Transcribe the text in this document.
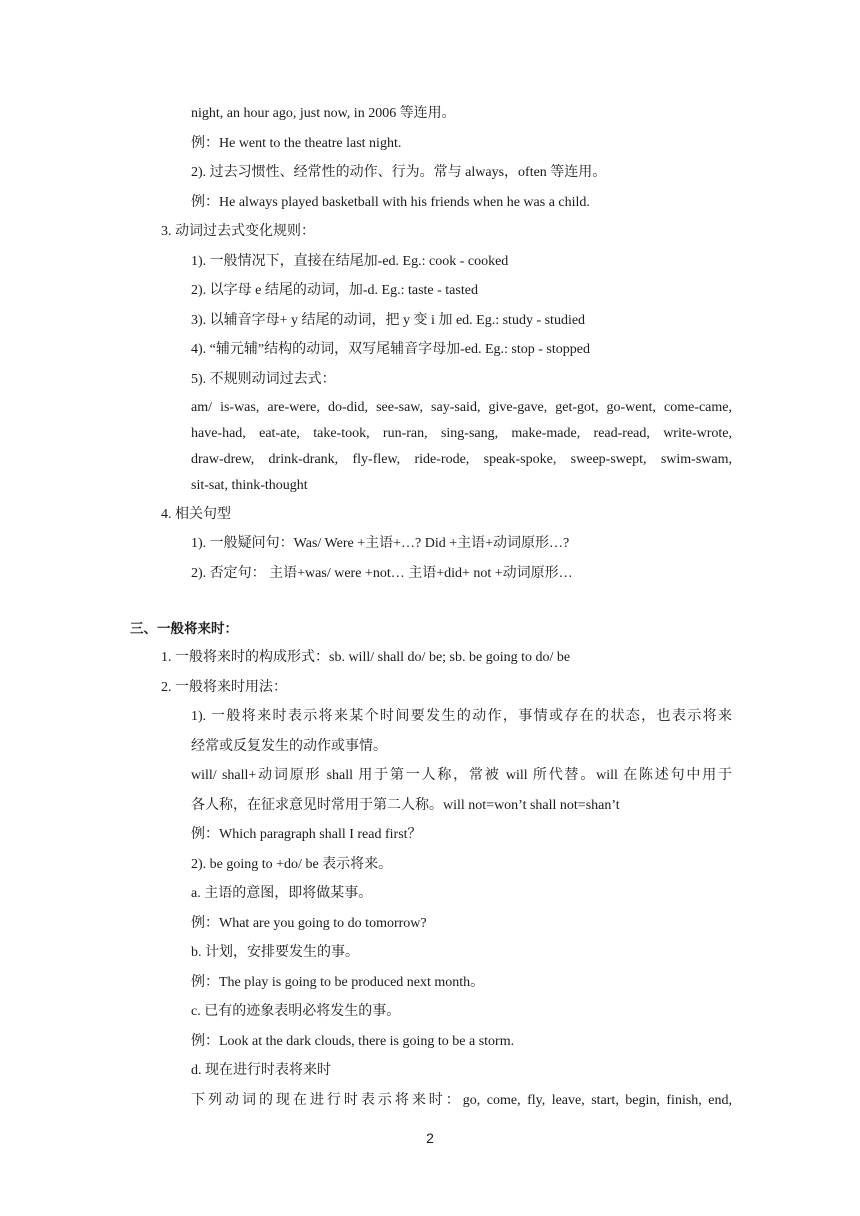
night, an hour ago, just now, in 2006 等连用。
例：He went to the theatre last night.
2). 过去习惯性、经常性的动作、行为。常与 always，often 等连用。
例：He always played basketball with his friends when he was a child.
3. 动词过去式变化规则：
1). 一般情况下，直接在结尾加-ed. Eg.: cook - cooked
2). 以字母 e 结尾的动词，加-d. Eg.: taste - tasted
3). 以辅音字母+ y 结尾的动词，把 y 变 i 加 ed. Eg.: study - studied
4). “辅元辅”结构的动词，双写尾辅音字母加-ed. Eg.: stop - stopped
5). 不规则动词过去式：
am/ is-was, are-were, do-did, see-saw, say-said, give-gave, get-got, go-went, come-came,
have-had, eat-ate, take-took, run-ran, sing-sang, make-made, read-read, write-wrote,
draw-drew, drink-drank, fly-flew, ride-rode, speak-spoke, sweep-swept, swim-swam,
sit-sat, think-thought
4. 相关句型
1). 一般疑问句：Was/ Were +主语+…? Did +主语+动词原形…?
2). 否定句： 主语+was/ were +not… 主语+did+ not +动词原形…
三、一般将来时：
1. 一般将来时的构成形式：sb. will/ shall do/ be; sb. be going to do/ be
2. 一般将来时用法：
1). 一般将来时表示将来某个时间要发生的动作，事情或存在的状态，也表示将来
经常或反复发生的动作或事情。
will/ shall+动词原形 shall 用于第一人称，常被 will 所代替。will 在陈述句中用于
各人称，在征求意见时常用于第二人称。will not=won’t shall not=shan’t
例：Which paragraph shall I read first？
2). be going to +do/ be 表示将来。
a. 主语的意图，即将做某事。
例：What are you going to do tomorrow?
b. 计划，安排要发生的事。
例：The play is going to be produced next month。
c. 已有的迹象表明必将发生的事。
例：Look at the dark clouds, there is going to be a storm.
d. 现在进行时表将来时
下列动词的现在进行时表示将来时：go, come, fly, leave, start, begin, finish, end,
2
